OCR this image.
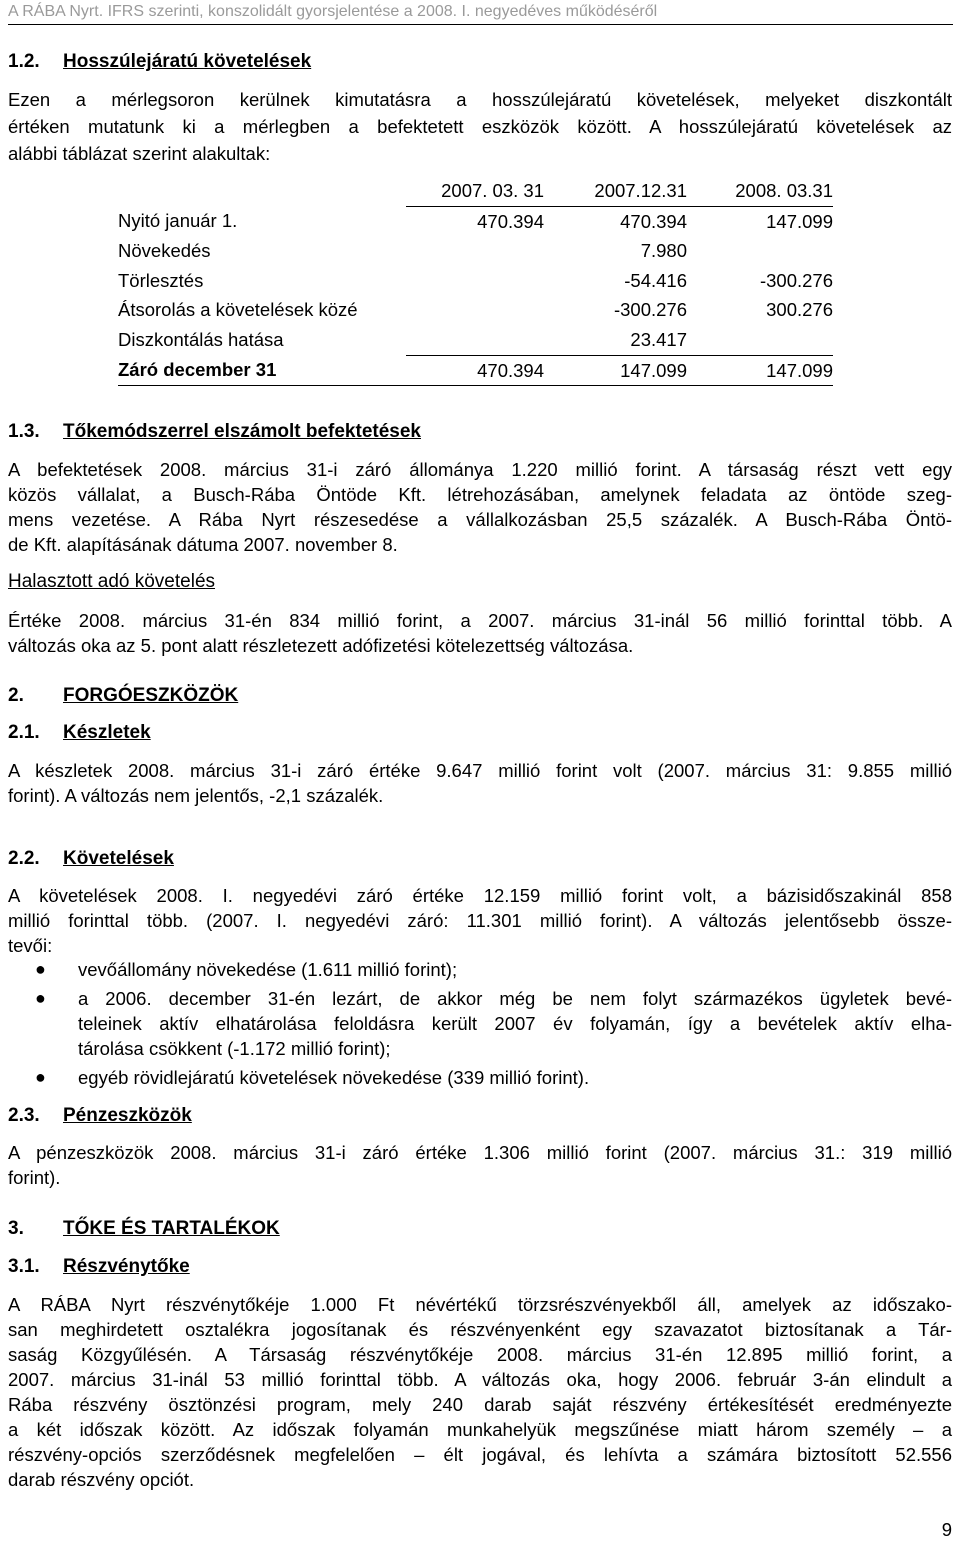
A RÁBA Nyrt. IFRS szerinti, konszolidált gyorsjelentése a 2008. I. negyedéves működéséről
1.2. Hosszúlejáratú követelések
Ezen a mérlegsoron kerülnek kimutatásra a hosszúlejáratú követelések, melyeket diszkontált
értéken mutatunk ki a mérlegben a befektetett eszközök között. A hosszúlejáratú követelések az
alábbi táblázat szerint alakultak:
	2007. 03. 31	2007.12.31	2008. 03.31
Nyitó január 1.	470.394	470.394	147.099
Növekedés		7.980	
Törlesztés		-54.416	-300.276
Átsorolás a követelések közé		-300.276	300.276
Diszkontálás hatása		23.417	
Záró december 31	470.394	147.099	147.099
1.3. Tőkemódszerrel elszámolt befektetések
A befektetések 2008. március 31-i záró állománya 1.220 millió forint. A társaság részt vett egy
közös vállalat, a Busch-Rába Öntöde Kft. létrehozásában, amelynek feladata az öntöde szeg-
mens vezetése. A Rába Nyrt részesedése a vállalkozásban 25,5 százalék. A Busch-Rába Öntö-
de Kft. alapításának dátuma 2007. november 8.
Halasztott adó követelés
Értéke 2008. március 31-én 834 millió forint, a 2007. március 31-inál 56 millió forinttal több. A
változás oka az 5. pont alatt részletezett adófizetési kötelezettség változása.
2. FORGÓESZKÖZÖK
2.1. Készletek
A készletek 2008. március 31-i záró értéke 9.647 millió forint volt (2007. március 31: 9.855 millió
forint). A változás nem jelentős, -2,1 százalék.
2.2. Követelések
A követelések 2008. I. negyedévi záró értéke 12.159 millió forint volt, a bázisidőszakinál 858
millió forinttal több. (2007. I. negyedévi záró: 11.301 millió forint). A változás jelentősebb össze-
tevői:
● vevőállomány növekedése (1.611 millió forint);
● a 2006. december 31-én lezárt, de akkor még be nem folyt származékos ügyletek bevé-
teleinek aktív elhatárolása feloldásra került 2007 év folyamán, így a bevételek aktív elha-
tárolása csökkent (-1.172 millió forint);
● egyéb rövidlejáratú követelések növekedése (339 millió forint).
2.3. Pénzeszközök
A pénzeszközök 2008. március 31-i záró értéke 1.306 millió forint (2007. március 31.: 319 millió
forint).
3. TŐKE ÉS TARTALÉKOK
3.1. Részvénytőke
A RÁBA Nyrt részvénytőkéje 1.000 Ft névértékű törzsrészvényekből áll, amelyek az időszako-
san meghirdetett osztalékra jogosítanak és részvényenként egy szavazatot biztosítanak a Tár-
saság Közgyűlésén. A Társaság részvénytőkéje 2008. március 31-én 12.895 millió forint, a
2007. március 31-inál 53 millió forinttal több. A változás oka, hogy 2006. február 3-án elindult a
Rába részvény ösztönzési program, mely 240 darab saját részvény értékesítését eredményezte
a két időszak között. Az időszak folyamán munkahelyük megszűnése miatt három személy – a
részvény-opciós szerződésnek megfelelően – élt jogával, és lehívta a számára biztosított 52.556
darab részvény opciót.
9
